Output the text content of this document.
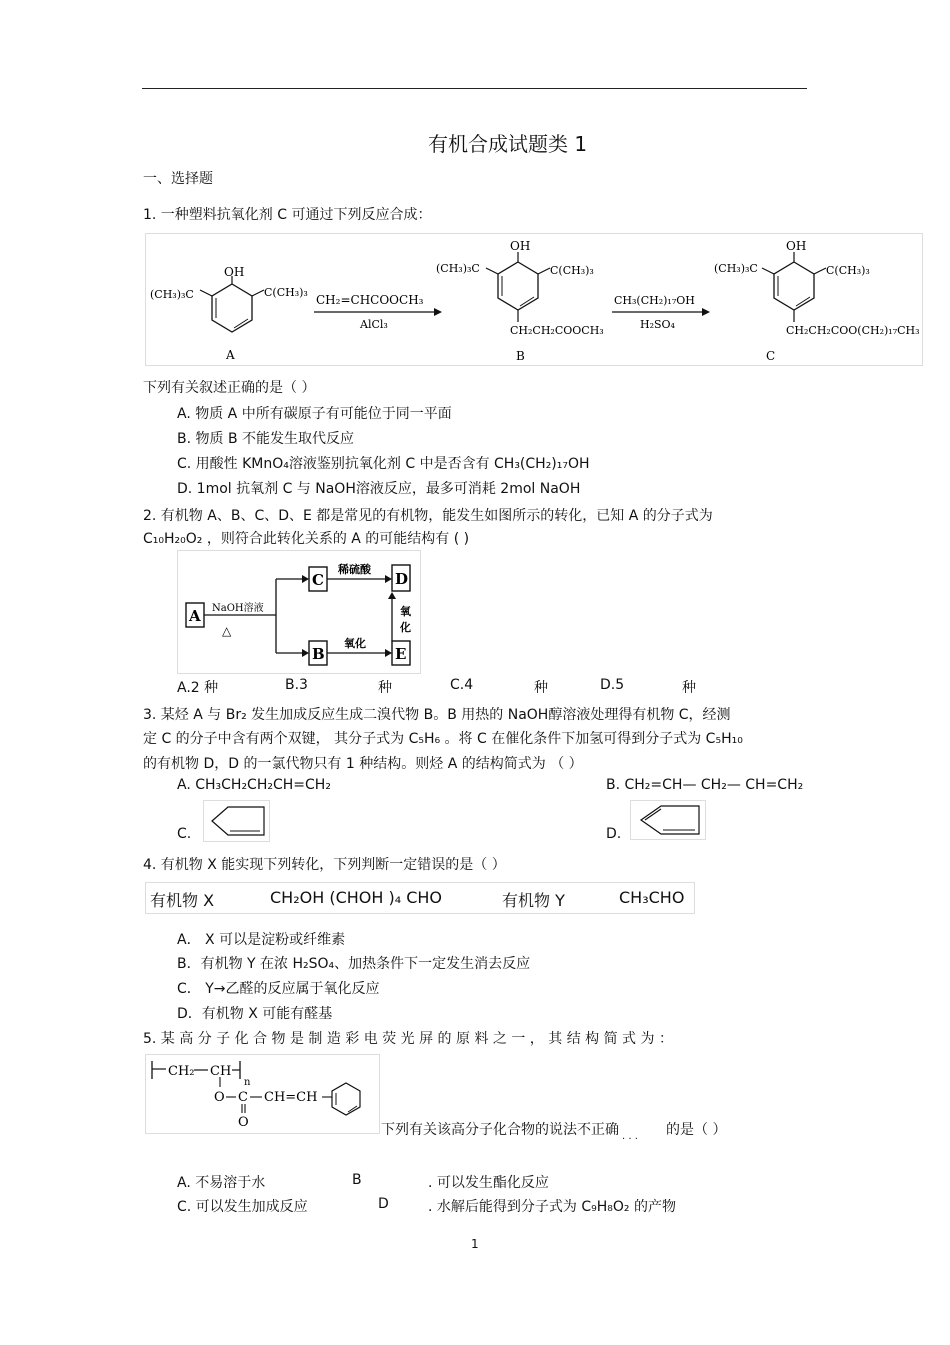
有机合成试题类 1
一、选择题
1. 一种塑料抗氧化剂 C 可通过下列反应合成：
OH
(CH₃)₃C	C(CH₃)₃
A
CH₂=CHCOOCH₃
AlCl₃
OH
(CH₃)₃C	C(CH₃)₃
CH₂CH₂COOCH₃
B
CH₃(CH₂)₁₇OH
H₂SO₄
OH
(CH₃)₃C	C(CH₃)₃
CH₂CH₂COO(CH₂)₁₇CH₃
C
下列有关叙述正确的是（ ）
A. 物质 A 中所有碳原子有可能位于同一平面
B. 物质 B 不能发生取代反应
C. 用酸性 KMnO₄溶液鉴别抗氧化剂 C 中是否含有 CH₃(CH₂)₁₇OH
D. 1mol 抗氧剂 C 与 NaOH溶液反应，最多可消耗 2mol NaOH
2. 有机物 A、B、C、D、E 都是常见的有机物，能发生如图所示的转化，已知 A 的分子式为
C₁₀H₂₀O₂ ，则符合此转化关系的 A 的可能结构有 ( )
A NaOH溶液
△
C
稀硫酸
D
B
氧化
E
氧
化
A.2 种	B.3	种	C.4	种	D.5	种
3. 某烃 A 与 Br₂ 发生加成反应生成二溴代物 B。B 用热的 NaOH醇溶液处理得有机物 C，经测
定 C 的分子中含有两个双键， 其分子式为 C₅H₆ 。将 C 在催化条件下加氢可得到分子式为 C₅H₁₀
的有机物 D，D 的一氯代物只有 1 种结构。则烃 A 的结构简式为 （ ）
A. CH₃CH₂CH₂CH=CH₂	B. CH₂=CH— CH₂— CH=CH₂
C.	D.
4. 有机物 X 能实现下列转化，下列判断一定错误的是（ ）
有机物 X	CH₂OH (CHOH )₄ CHO	有机物 Y	CH₃CHO
A． X 可以是淀粉或纤维素
B．有机物 Y 在浓 H₂SO₄、加热条件下一定发生消去反应
C． Y→乙醛的反应属于氧化反应
D．有机物 X 可能有醛基
5. 某 高 分 子 化 合 物 是 制 造 彩 电 荧 光 屏 的 原 料 之 一 ， 其 结 构 简 式 为 ：
CH₂ CH
n
O C
O
CH=CH
下列有关该高分子化合物的说法不正确
· · ·
的是（ ）
A. 不易溶于水	B	. 可以发生酯化反应
C. 可以发生加成反应	D	. 水解后能得到分子式为 C₉H₈O₂ 的产物
1
